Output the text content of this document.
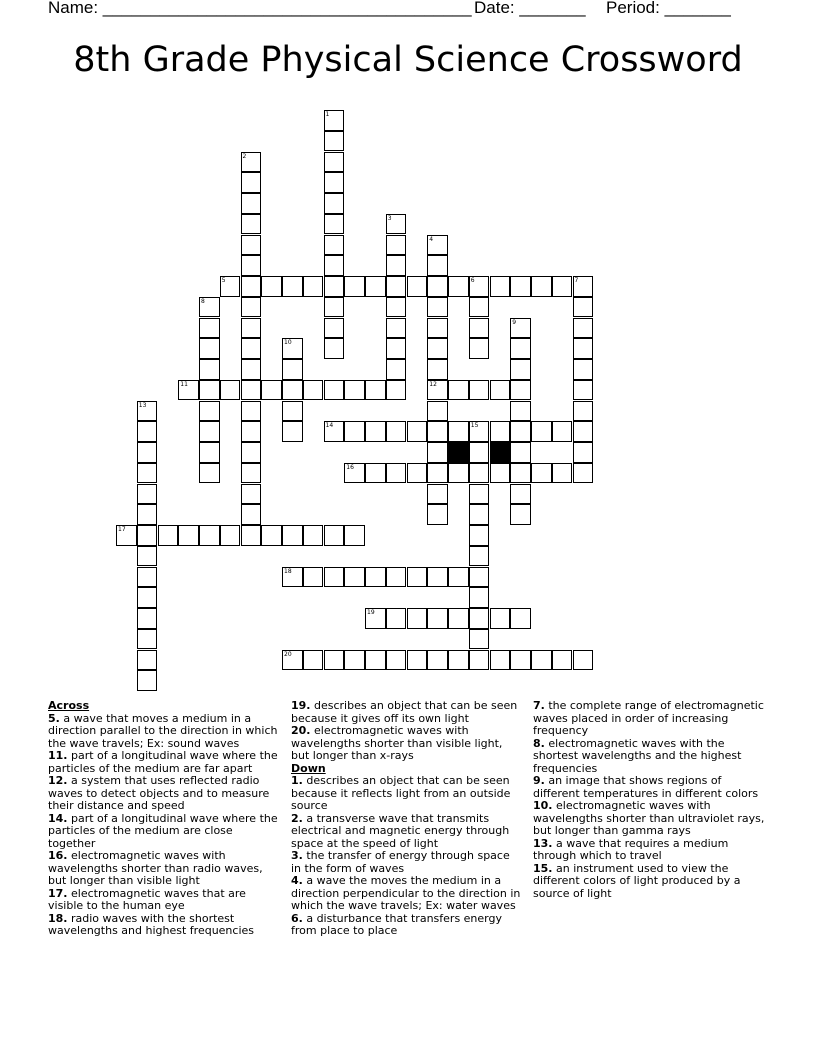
Name: _______________________________________ Date: _______ Period: _______
8th Grade Physical Science Crossword
1
2
3
4
12
5	6	7
8
9
10
11
13
14	15
16
17
18
19
20
Across
5. a wave that moves a medium in a direction parallel to the direction in which the wave travels; Ex: sound waves
11. part of a longitudinal wave where the particles of the medium are far apart
12. a system that uses reflected radio waves to detect objects and to measure their distance and speed
14. part of a longitudinal wave where the particles of the medium are close together
16. electromagnetic waves with wavelengths shorter than radio waves, but longer than visible light
17. electromagnetic waves that are visible to the human eye
18. radio waves with the shortest wavelengths and highest frequencies
19. describes an object that can be seen because it gives off its own light
20. electromagnetic waves with wavelengths shorter than visible light, but longer than x-rays
Down
1. describes an object that can be seen because it reflects light from an outside source
2. a transverse wave that transmits electrical and magnetic energy through space at the speed of light
3. the transfer of energy through space in the form of waves
4. a wave the moves the medium in a direction perpendicular to the direction in which the wave travels; Ex: water waves
6. a disturbance that transfers energy from place to place
7. the complete range of electromagnetic waves placed in order of increasing frequency
8. electromagnetic waves with the shortest wavelengths and the highest frequencies
9. an image that shows regions of different temperatures in different colors
10. electromagnetic waves with wavelengths shorter than ultraviolet rays, but longer than gamma rays
13. a wave that requires a medium through which to travel
15. an instrument used to view the different colors of light produced by a source of light
